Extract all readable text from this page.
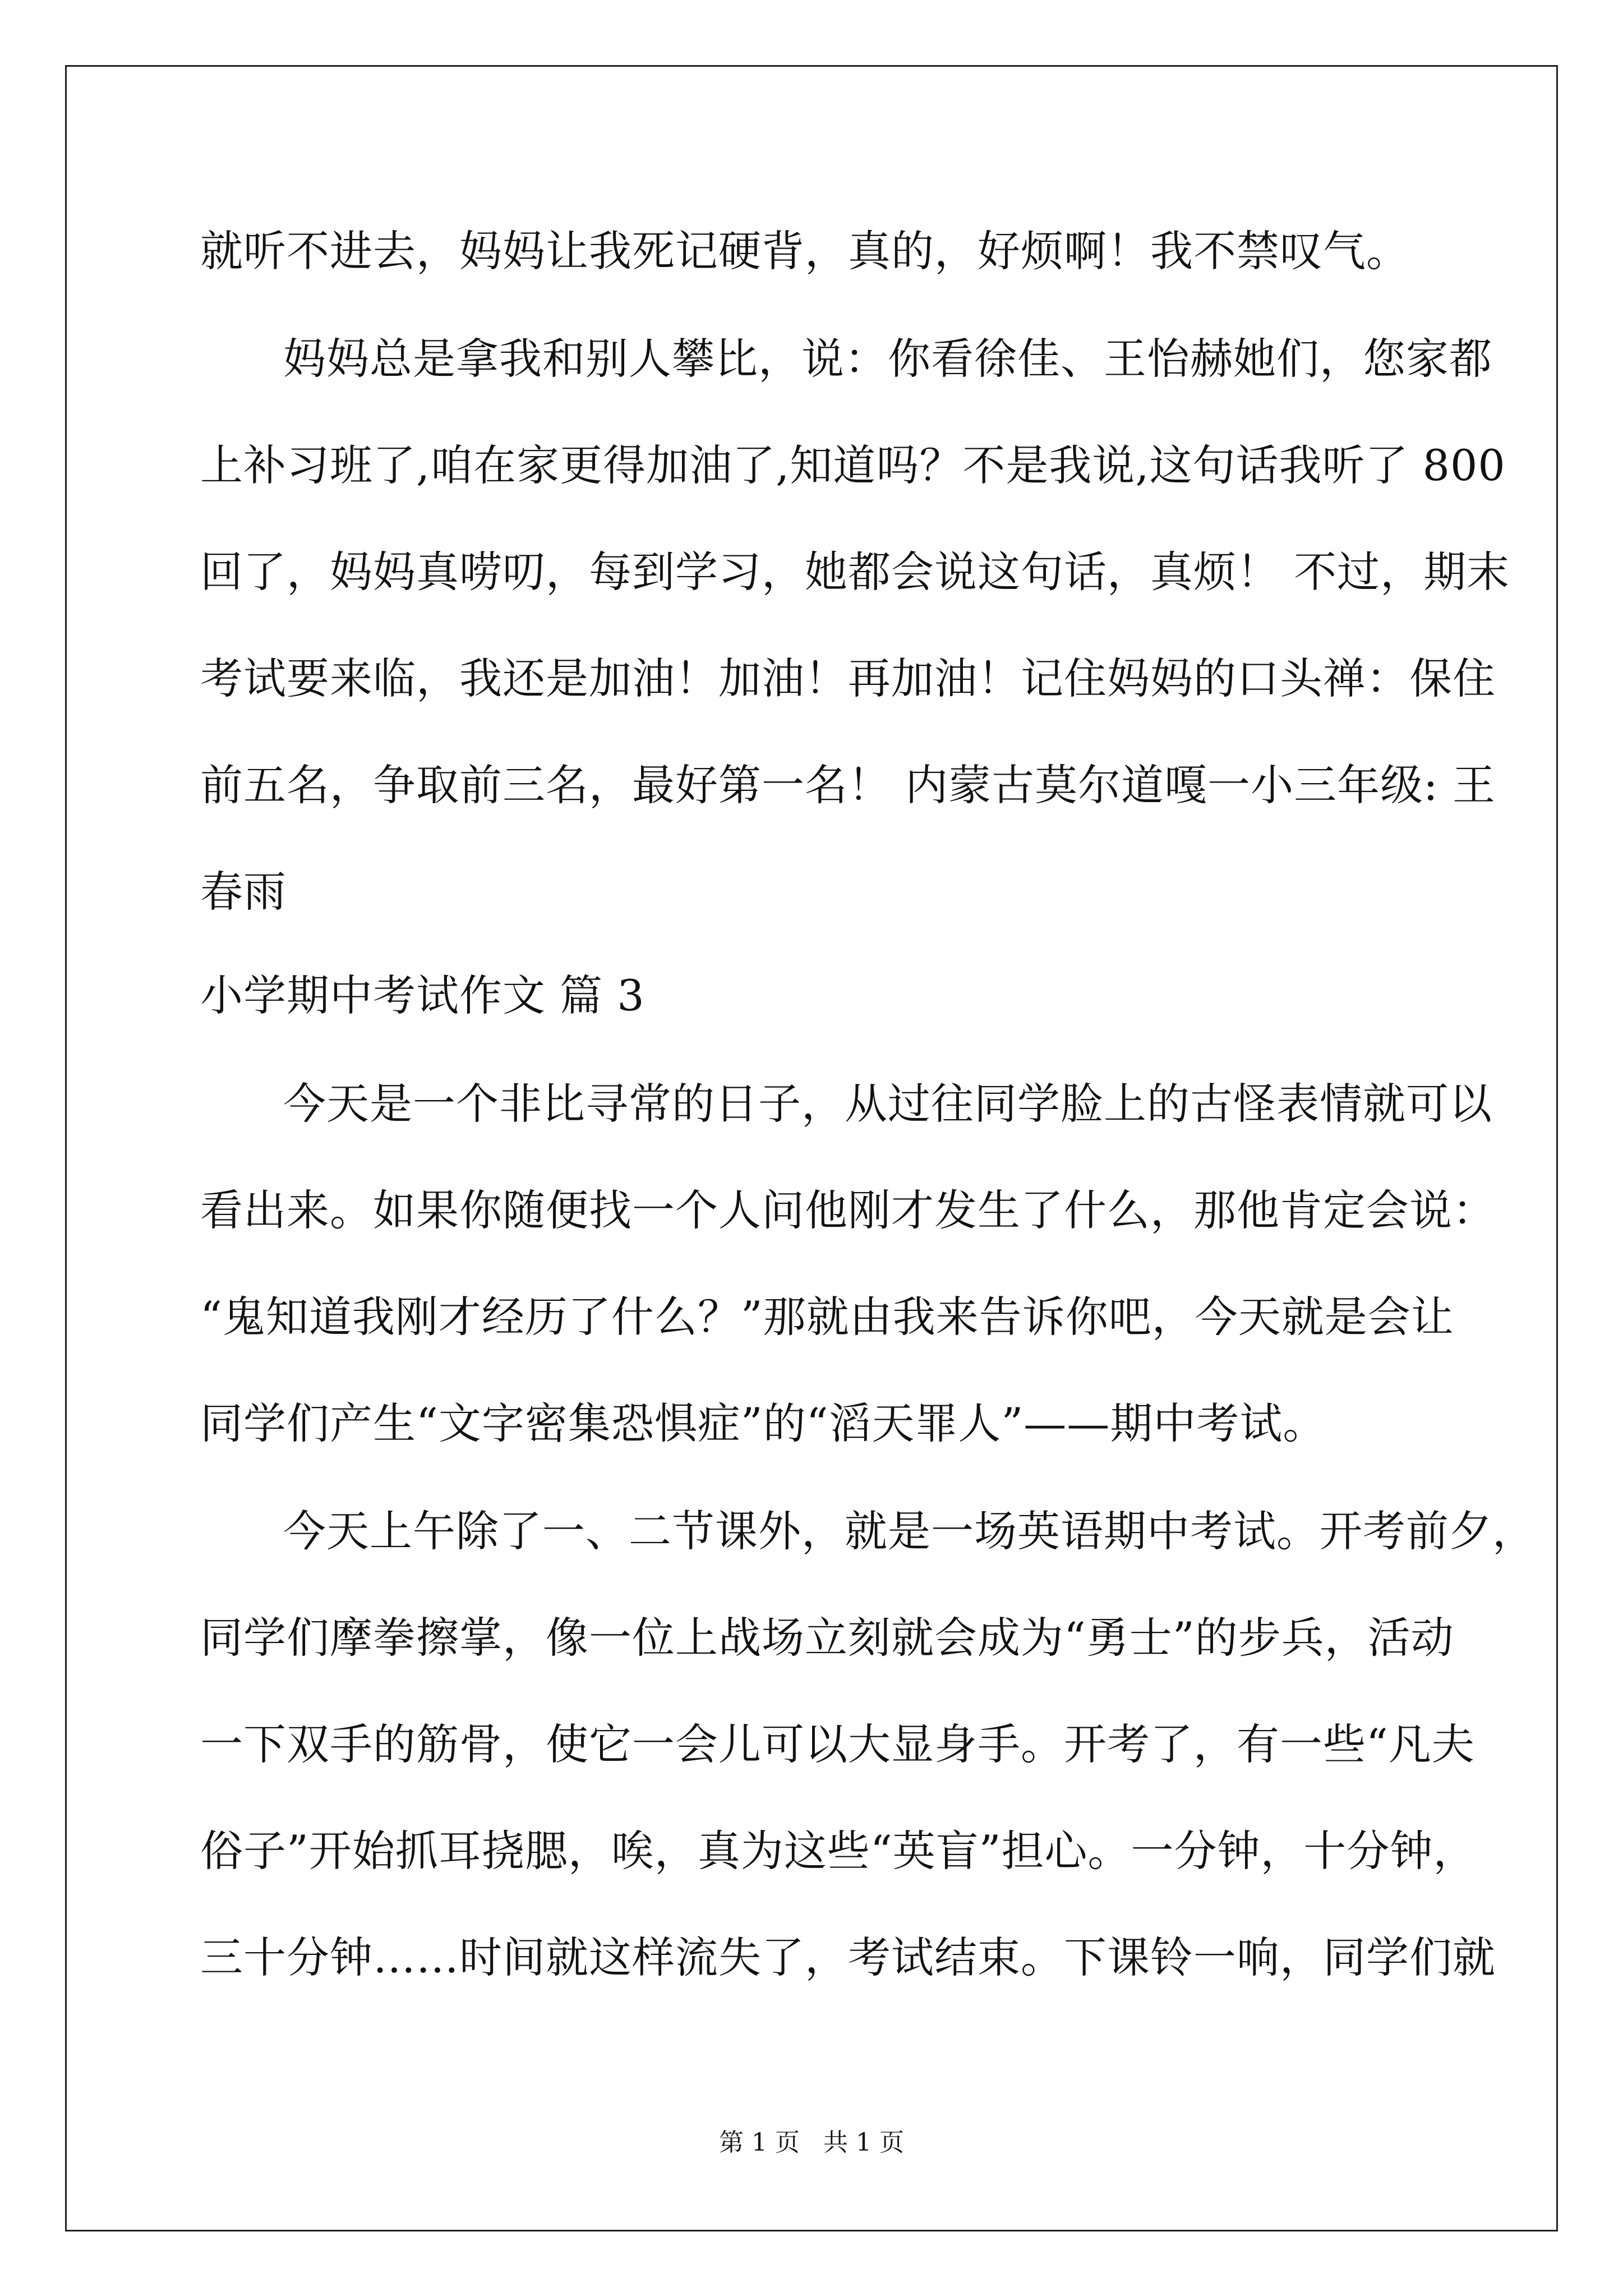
就听不进去，妈妈让我死记硬背，真的，好烦啊！我不禁叹气。
妈妈总是拿我和别人攀比，说：你看徐佳、王怡赫她们，您家都
上补习班了,咱在家更得加油了,知道吗？不是我说,这句话我听了 800
回了，妈妈真唠叨，每到学习，她都会说这句话，真烦！ 不过，期末
考试要来临，我还是加油！加油！再加油！记住妈妈的口头禅：保住
前五名，争取前三名，最好第一名！ 内蒙古莫尔道嘎一小三年级: 王
春雨
小学期中考试作文 篇 3
今天是一个非比寻常的日子，从过往同学脸上的古怪表情就可以
看出来。如果你随便找一个人问他刚才发生了什么，那他肯定会说：
“鬼知道我刚才经历了什么？”那就由我来告诉你吧，今天就是会让
同学们产生“文字密集恐惧症”的“滔天罪人”——期中考试。
今天上午除了一、二节课外，就是一场英语期中考试。开考前夕，
同学们摩拳擦掌，像一位上战场立刻就会成为“勇士”的步兵，活动
一下双手的筋骨，使它一会儿可以大显身手。开考了，有一些“凡夫
俗子”开始抓耳挠腮，唉，真为这些“英盲”担心。一分钟，十分钟，
三十分钟……时间就这样流失了，考试结束。下课铃一响，同学们就
第 1 页   共 1 页
